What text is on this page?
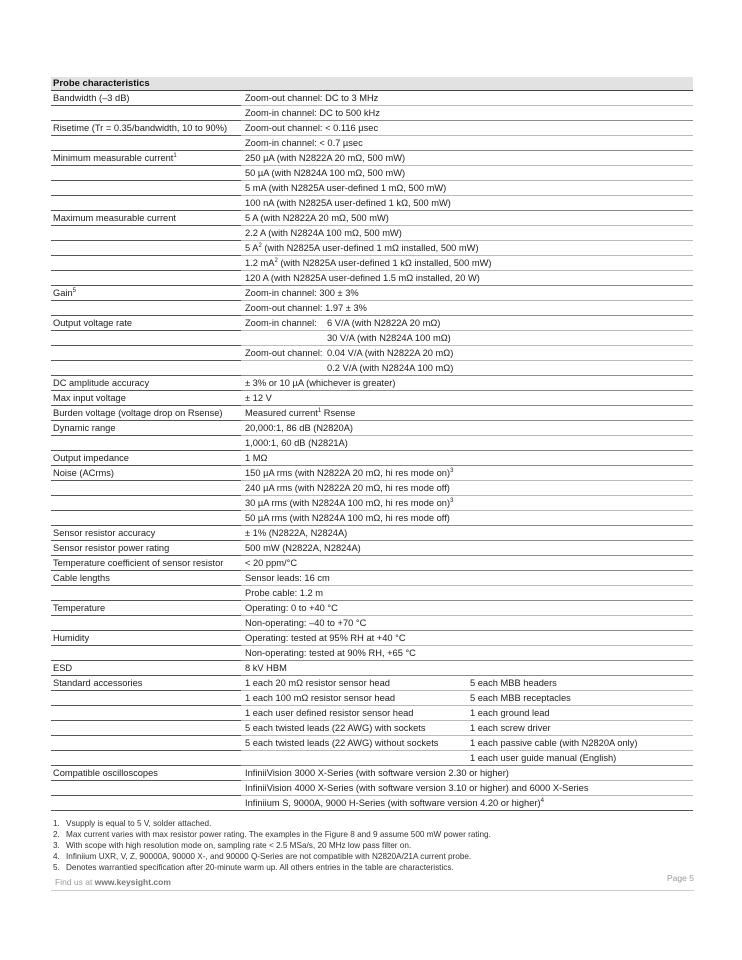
Probe characteristics		
Bandwidth (–3 dB)	Zoom-out channel: DC to 3 MHz	
	Zoom-in channel: DC to 500 kHz	
Risetime (Tr = 0.35/bandwidth, 10 to 90%)	Zoom-out channel: < 0.116 µsec	
	Zoom-in channel: < 0.7 µsec	
Minimum measurable current$^1$	250 µA (with N2822A 20 mΩ, 500 mW)	
	50 µA (with N2824A 100 mΩ, 500 mW)	
	5 mA (with N2825A user-defined 1 mΩ, 500 mW)	
	100 nA (with N2825A user-defined 1 kΩ, 500 mW)	
Maximum measurable current	5 A (with N2822A 20 mΩ, 500 mW)	
	2.2 A (with N2824A 100 mΩ, 500 mW)	
	5 $A^2$ (with N2825A user-defined 1 mΩ installed, 500 mW)	
	1.2 $mA^2$ (with N2825A user-defined 1 kΩ installed, 500 mW)	
	120 A (with N2825A user-defined 1.5 mΩ installed, 20 W)	
Gain$^5$	Zoom-in channel: 300 ± 3%	
	Zoom-out channel: 1.97 ± 3%	
Output voltage rate	Zoom-in channel: 6 V/A (with N2822A 20 mΩ)	
	30 V/A (with N2824A 100 mΩ)	
	Zoom-out channel: 0.04 V/A (with N2822A 20 mΩ)	
	0.2 V/A (with N2824A 100 mΩ)	
DC amplitude accuracy	± 3% or 10 µA (whichever is greater)	
Max input voltage	± 12 V	
Burden voltage (voltage drop on Rsense)	Measured current$^1$ Rsense	
Dynamic range	20,000:1, 86 dB (N2820A)	
	1,000:1, 60 dB (N2821A)	
Output impedance	1 MΩ	
Noise (ACrms)	150 µA rms (with N2822A 20 mΩ, hi res mode on)$^3$
	240 µA rms (with N2822A 20 mΩ, hi res mode off)	
	30 µA rms (with N2824A 100 mΩ, hi res mode on)$^3$
	50 µA rms (with N2824A 100 mΩ, hi res mode off)	
Sensor resistor accuracy	± 1% (N2822A, N2824A)	
Sensor resistor power rating	500 mW (N2822A, N2824A)	
Temperature coefficient of sensor resistor	< 20 ppm/°C	
Cable lengths	Sensor leads: 16 cm	
	Probe cable: 1.2 m	
Temperature	Operating: 0 to +40 °C	
	Non-operating: –40 to +70 °C	
Humidity	Operating: tested at 95% RH at +40 °C	
	Non-operating: tested at 90% RH, +65 °C	
ESD	8 kV HBM	
Standard accessories	1 each 20 mΩ resistor sensor head	5 each MBB headers
	1 each 100 mΩ resistor sensor head	5 each MBB receptacles
	1 each user defined resistor sensor head	1 each ground lead
	5 each twisted leads (22 AWG) with sockets	1 each screw driver
	5 each twisted leads (22 AWG) without sockets	1 each passive cable (with N2820A only)
		1 each user guide manual (English)
Compatible oscilloscopes	InfiniiVision 3000 X-Series (with software version 2.30 or higher)	
	InfiniiVision 4000 X-Series (with software version 3.10 or higher) and 6000 X-Series	
	Infiniium S, 9000A, 9000 H-Series (with software version 4.20 or higher)$^4$
1. Vsupply is equal to 5 V, solder attached.
2. Max current varies with max resistor power rating. The examples in the Figure 8 and 9 assume 500 mW power rating.
3. With scope with high resolution mode on, sampling rate < 2.5 MSa/s, 20 MHz low pass filter on.
4. Infiniium UXR, V, Z, 90000A, 90000 X-, and 90000 Q-Series are not compatible with N2820A/21A current probe.
5. Denotes warrantied specification after 20-minute warm up. All others entries in the table are characteristics.
Find us at www.keysight.com	Page 5
